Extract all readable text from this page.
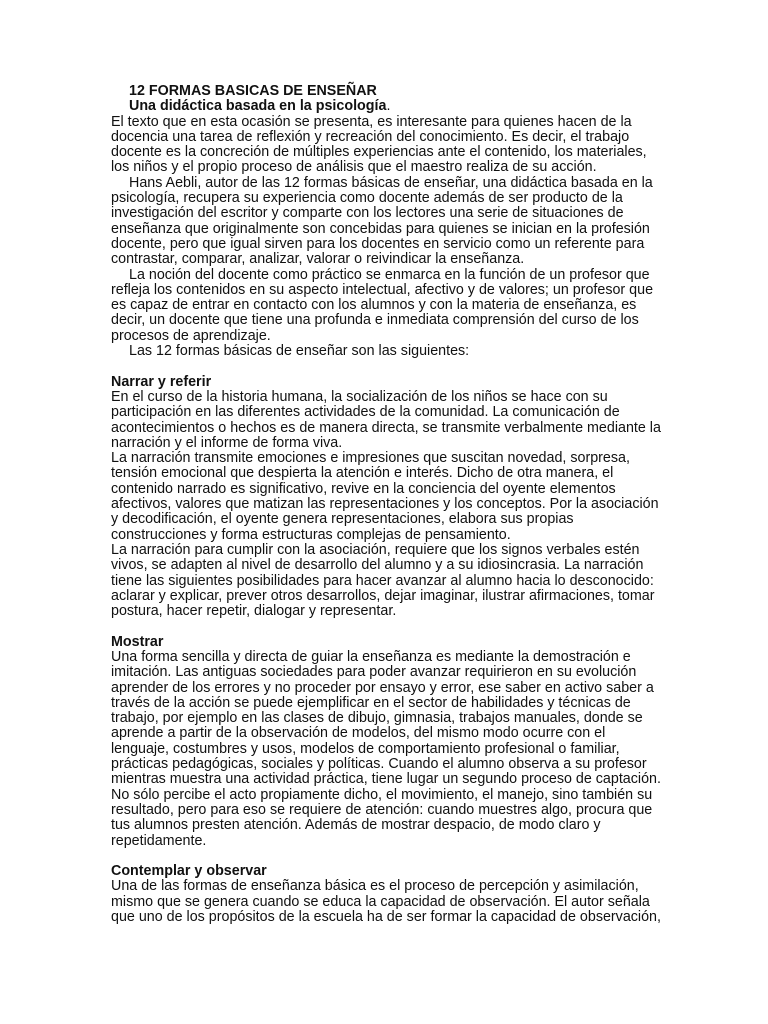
12 FORMAS BASICAS DE ENSEÑAR
Una didáctica basada en la psicología.
El texto que en esta ocasión se presenta, es interesante para quienes hacen de la
docencia una tarea de reflexión y recreación del conocimiento. Es decir, el trabajo
docente es la concreción de múltiples experiencias ante el contenido, los materiales,
los niños y el propio proceso de análisis que el maestro realiza de su acción.
Hans Aebli, autor de las 12 formas básicas de enseñar, una didáctica basada en la
psicología, recupera su experiencia como docente además de ser producto de la
investigación del escritor y comparte con los lectores una serie de situaciones de
enseñanza que originalmente son concebidas para quienes se inician en la profesión
docente, pero que igual sirven para los docentes en servicio como un referente para
contrastar, comparar, analizar, valorar o reivindicar la enseñanza.
La noción del docente como práctico se enmarca en la función de un profesor que
refleja los contenidos en su aspecto intelectual, afectivo y de valores; un profesor que
es capaz de entrar en contacto con los alumnos y con la materia de enseñanza, es
decir, un docente que tiene una profunda e inmediata comprensión del curso de los
procesos de aprendizaje.
Las 12 formas básicas de enseñar son las siguientes:
Narrar y referir
En el curso de la historia humana, la socialización de los niños se hace con su
participación en las diferentes actividades de la comunidad. La comunicación de
acontecimientos o hechos es de manera directa, se transmite verbalmente mediante la
narración y el informe de forma viva.
La narración transmite emociones e impresiones que suscitan novedad, sorpresa,
tensión emocional que despierta la atención e interés. Dicho de otra manera, el
contenido narrado es significativo, revive en la conciencia del oyente elementos
afectivos, valores que matizan las representaciones y los conceptos. Por la asociación
y decodificación, el oyente genera representaciones, elabora sus propias
construcciones y forma estructuras complejas de pensamiento.
La narración para cumplir con la asociación, requiere que los signos verbales estén
vivos, se adapten al nivel de desarrollo del alumno y a su idiosincrasia. La narración
tiene las siguientes posibilidades para hacer avanzar al alumno hacia lo desconocido:
aclarar y explicar, prever otros desarrollos, dejar imaginar, ilustrar afirmaciones, tomar
postura, hacer repetir, dialogar y representar.
Mostrar
Una forma sencilla y directa de guiar la enseñanza es mediante la demostración e
imitación. Las antiguas sociedades para poder avanzar requirieron en su evolución
aprender de los errores y no proceder por ensayo y error, ese saber en activo saber a
través de la acción se puede ejemplificar en el sector de habilidades y técnicas de
trabajo, por ejemplo en las clases de dibujo, gimnasia, trabajos manuales, donde se
aprende a partir de la observación de modelos, del mismo modo ocurre con el
lenguaje, costumbres y usos, modelos de comportamiento profesional o familiar,
prácticas pedagógicas, sociales y políticas. Cuando el alumno observa a su profesor
mientras muestra una actividad práctica, tiene lugar un segundo proceso de captación.
No sólo percibe el acto propiamente dicho, el movimiento, el manejo, sino también su
resultado, pero para eso se requiere de atención: cuando muestres algo, procura que
tus alumnos presten atención. Además de mostrar despacio, de modo claro y
repetidamente.
Contemplar y observar
Una de las formas de enseñanza básica es el proceso de percepción y asimilación,
mismo que se genera cuando se educa la capacidad de observación. El autor señala
que uno de los propósitos de la escuela ha de ser formar la capacidad de observación,
